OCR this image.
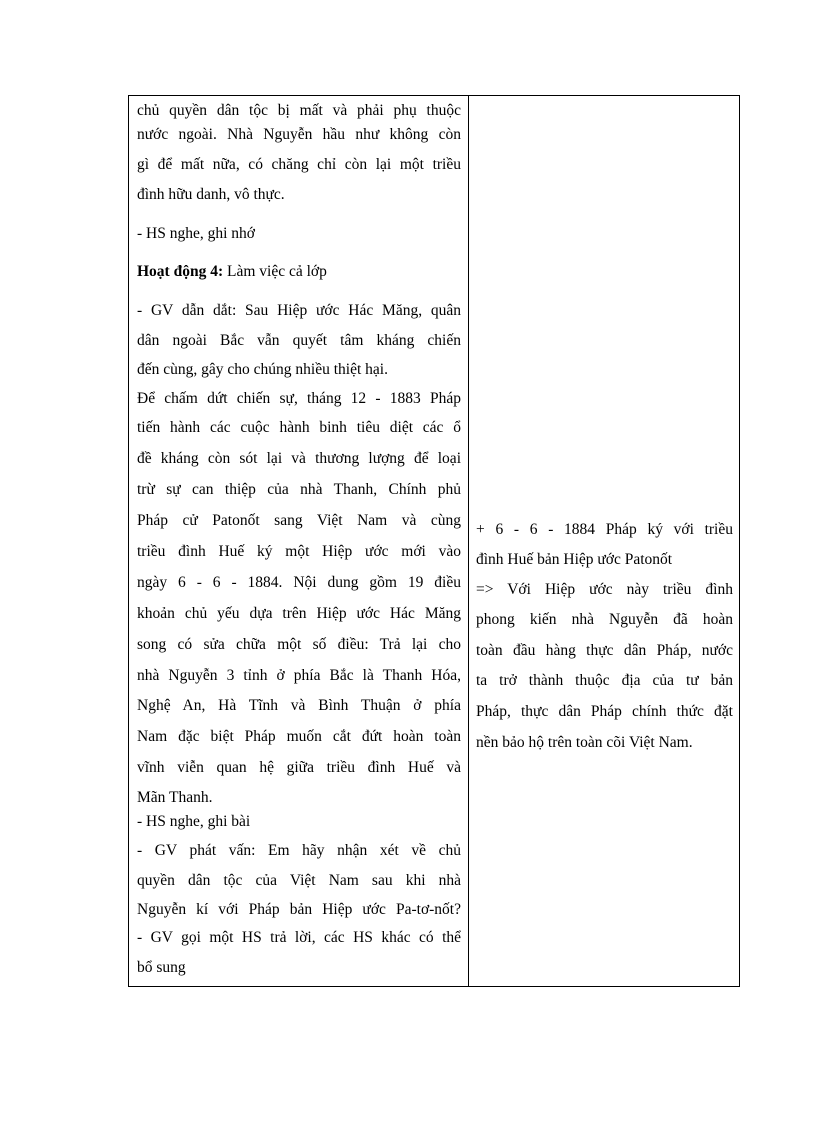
chủ quyền dân tộc bị mất và phải phụ thuộc
nước ngoài. Nhà Nguyễn hầu như không còn
gì để mất nữa, có chăng chỉ còn lại một triều
đình hữu danh, vô thực.
- HS nghe, ghi nhớ
Hoạt động 4: Làm việc cả lớp
- GV dẫn dắt: Sau Hiệp ước Hác Măng, quân
dân ngoài Bắc vẫn quyết tâm kháng chiến
đến cùng, gây cho chúng nhiều thiệt hại.
Để chấm dứt chiến sự, tháng 12 - 1883 Pháp
tiến hành các cuộc hành binh tiêu diệt các ổ
đề kháng còn sót lại và thương lượng để loại
trừ sự can thiệp của nhà Thanh, Chính phủ
Pháp cử Patonốt sang Việt Nam và cùng
triều đình Huế ký một Hiệp ước mới vào
ngày 6 - 6 - 1884. Nội dung gồm 19 điều
khoản chủ yếu dựa trên Hiệp ước Hác Măng
song có sửa chữa một số điều: Trả lại cho
nhà Nguyễn 3 tỉnh ở phía Bắc là Thanh Hóa,
Nghệ An, Hà Tĩnh và Bình Thuận ở phía
Nam đặc biệt Pháp muốn cắt đứt hoàn toàn
vĩnh viễn quan hệ giữa triều đình Huế và
Mãn Thanh.
- HS nghe, ghi bài
- GV phát vấn: Em hãy nhận xét về chủ
quyền dân tộc của Việt Nam sau khi nhà
Nguyễn kí với Pháp bản Hiệp ước Pa-tơ-nốt?
- GV gọi một HS trả lời, các HS khác có thể
bổ sung
+ 6 - 6 - 1884 Pháp ký với triều
đình Huế bản Hiệp ước Patonốt
=> Với Hiệp ước này triều đình
phong kiến nhà Nguyễn đã hoàn
toàn đầu hàng thực dân Pháp, nước
ta trở thành thuộc địa của tư bản
Pháp, thực dân Pháp chính thức đặt
nền bảo hộ trên toàn cõi Việt Nam.
